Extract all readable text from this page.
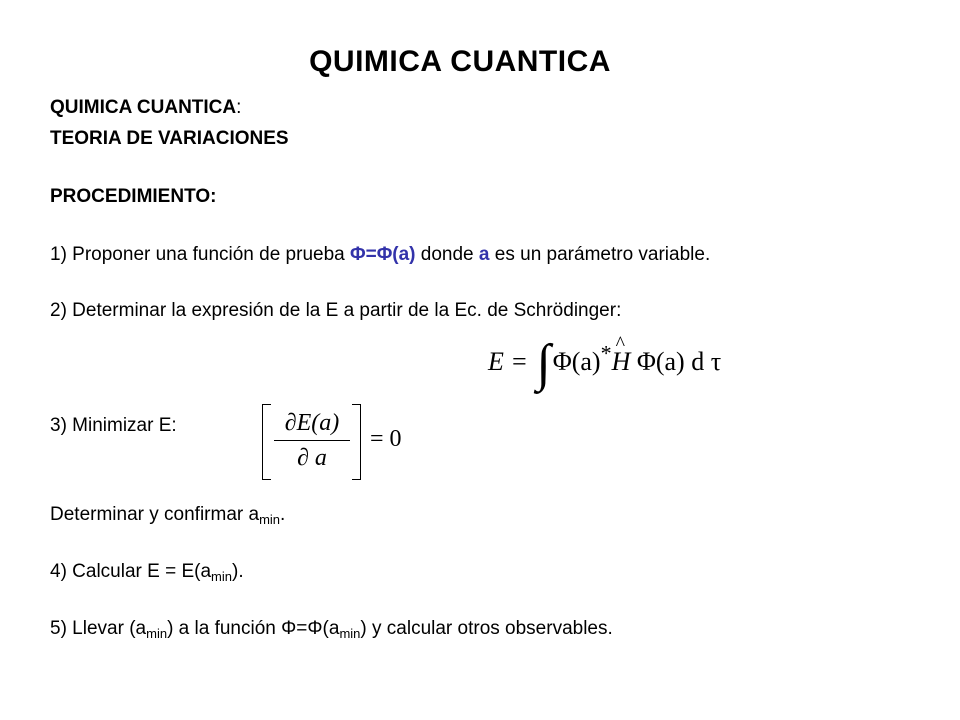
QUIMICA CUANTICA
QUIMICA CUANTICA:
TEORIA DE VARIACIONES
PROCEDIMIENTO:
1) Proponer una función de prueba Φ=Φ(a) donde a es un parámetro variable.
2) Determinar la expresión de la E a partir de la Ec. de Schrödinger:
E = ∫Φ(a)*^ H Φ(a) d τ
3) Minimizar E:	∂E(a)
∂ a
= 0
Determinar y confirmar $a_{min}$.
4) Calcular $E = E(a_{min})$.
5) Llevar $(a_{min})$ a la función $\Phi=\Phi(a_{min})$ y calcular otros observables.
